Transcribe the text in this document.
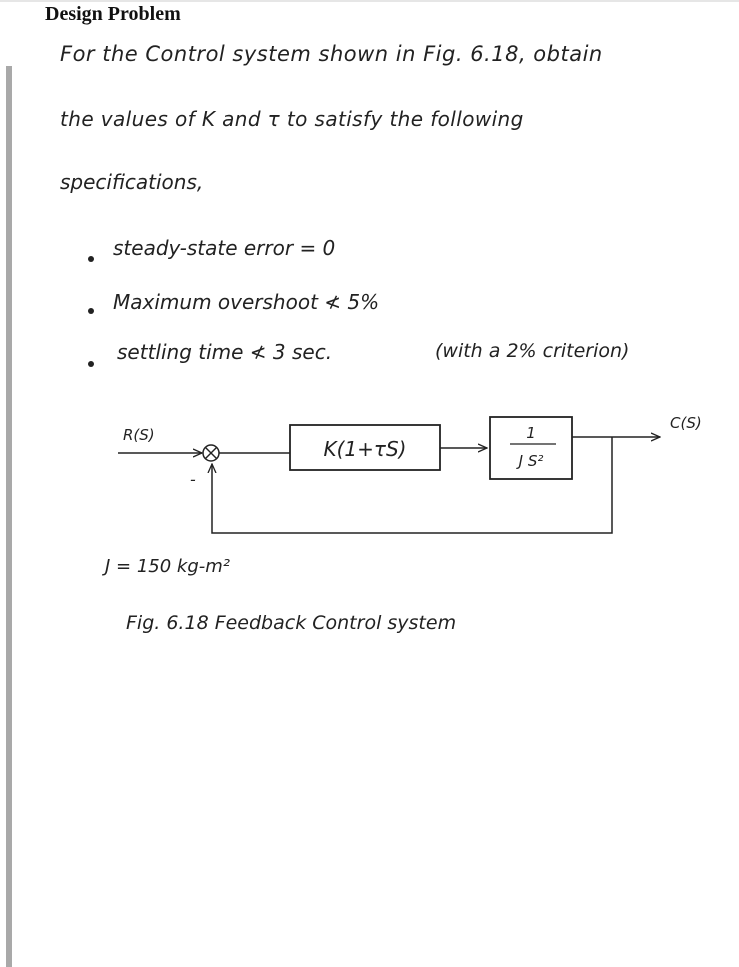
Design Problem
For the Control system shown in Fig. 6.18, obtain
the values of K and τ to satisfy the following
specifications,
steady-state error = 0
Maximum overshoot ≮ 5%
settling time ≮ 3 sec.	(with a 2% criterion)
R(S)
C(S)
-
K(1+τS)
1
J S²
J = 150 kg-m²
Fig. 6.18 Feedback Control system
